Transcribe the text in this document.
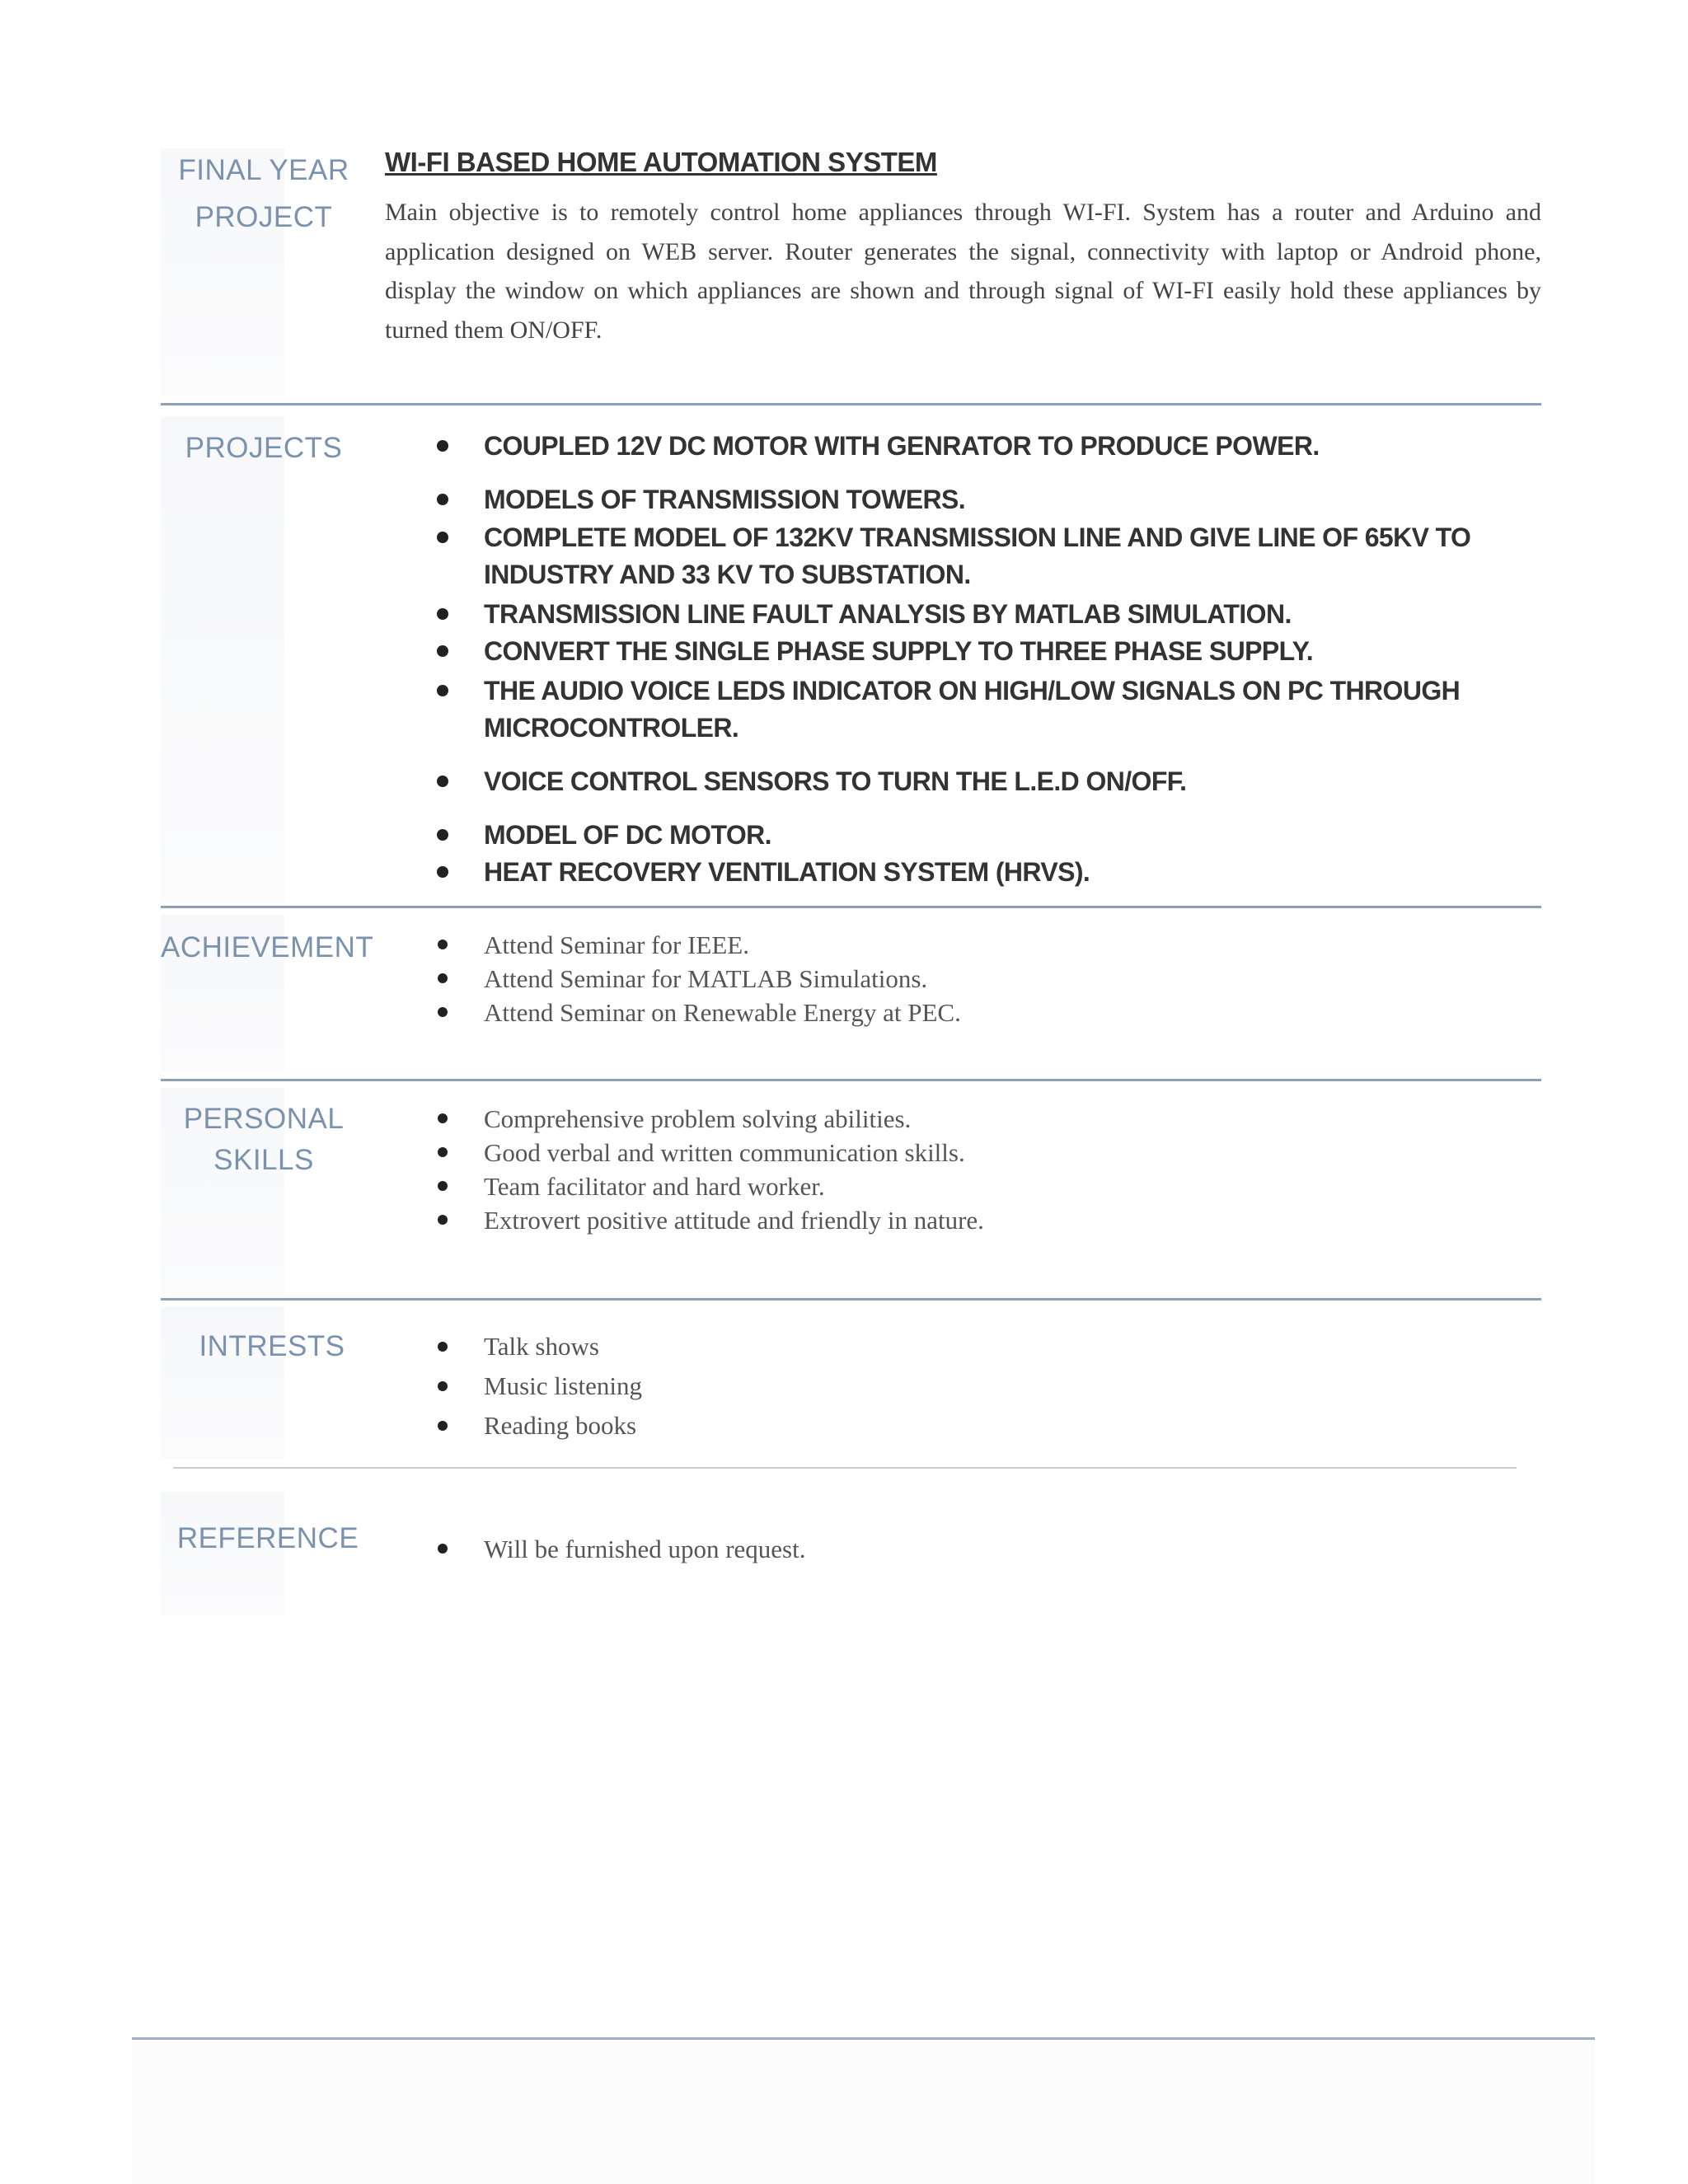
FINAL YEAR PROJECT
WI-FI BASED HOME AUTOMATION SYSTEM
Main objective is to remotely control home appliances through WI-FI. System has a router and Arduino and application designed on WEB server. Router generates the signal, connectivity with laptop or Android phone, display the window on which appliances are shown and through signal of WI-FI easily hold these appliances by turned them ON/OFF.
PROJECTS	COUPLED 12V DC MOTOR WITH GENRATOR TO PRODUCE POWER.
MODELS OF TRANSMISSION TOWERS.
COMPLETE MODEL OF 132KV TRANSMISSION LINE AND GIVE LINE OF 65KV TO INDUSTRY AND 33 KV TO SUBSTATION.
TRANSMISSION LINE FAULT ANALYSIS BY MATLAB SIMULATION.
CONVERT THE SINGLE PHASE SUPPLY TO THREE PHASE SUPPLY.
THE AUDIO VOICE LEDS INDICATOR ON HIGH/LOW SIGNALS ON PC THROUGH MICROCONTROLER.
VOICE CONTROL SENSORS TO TURN THE L.E.D ON/OFF.
MODEL OF DC MOTOR.
HEAT RECOVERY VENTILATION SYSTEM (HRVS).
ACHIEVEMENT	Attend Seminar for IEEE.
Attend Seminar for MATLAB Simulations.
Attend Seminar on Renewable Energy at PEC.
PERSONAL SKILLS
Comprehensive problem solving abilities.
Good verbal and written communication skills.
Team facilitator and hard worker.
Extrovert positive attitude and friendly in nature.
INTRESTS	Talk shows
Music listening
Reading books
REFERENCE	Will be furnished upon request.
